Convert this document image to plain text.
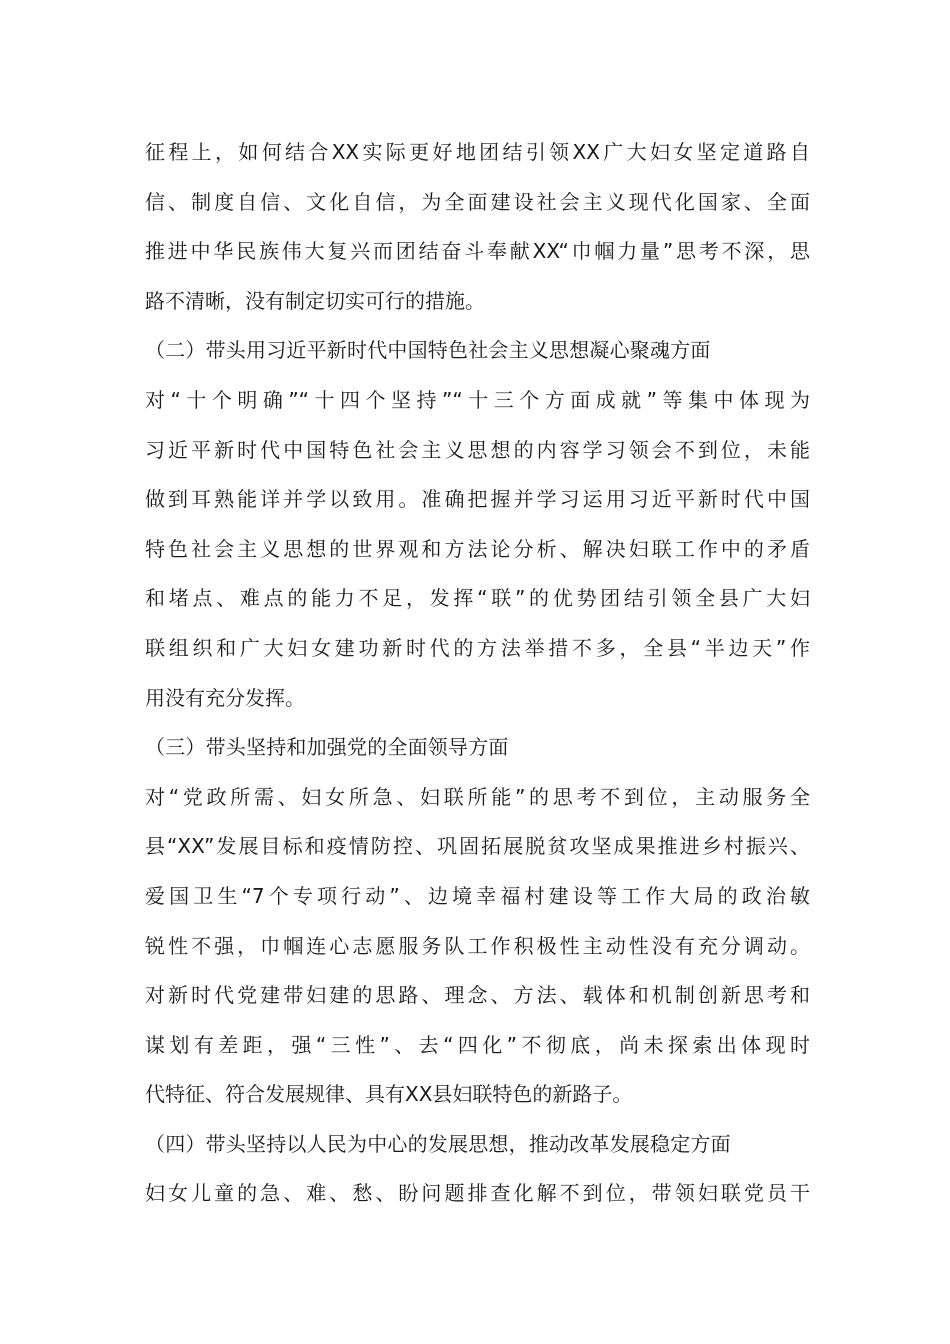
征程上，如何结合XX实际更好地团结引领XX广大妇女坚定道路自
信、制度自信、文化自信，为全面建设社会主义现代化国家、全面
推进中华民族伟大复兴而团结奋斗奉献XX“巾帼力量”思考不深，思
路不清晰，没有制定切实可行的措施。
（二）带头用习近平新时代中国特色社会主义思想凝心聚魂方面
对“十个明确”“十四个坚持”“十三个方面成就”等集中体现为
习近平新时代中国特色社会主义思想的内容学习领会不到位，未能
做到耳熟能详并学以致用。准确把握并学习运用习近平新时代中国
特色社会主义思想的世界观和方法论分析、解决妇联工作中的矛盾
和堵点、难点的能力不足，发挥“联”的优势团结引领全县广大妇
联组织和广大妇女建功新时代的方法举措不多，全县“半边天”作
用没有充分发挥。
（三）带头坚持和加强党的全面领导方面
对“党政所需、妇女所急、妇联所能”的思考不到位，主动服务全
县“XX”发展目标和疫情防控、巩固拓展脱贫攻坚成果推进乡村振兴、
爱国卫生“7个专项行动”、边境幸福村建设等工作大局的政治敏
锐性不强，巾帼连心志愿服务队工作积极性主动性没有充分调动。
对新时代党建带妇建的思路、理念、方法、载体和机制创新思考和
谋划有差距，强“三性”、去“四化”不彻底，尚未探索出体现时
代特征、符合发展规律、具有XX县妇联特色的新路子。
（四）带头坚持以人民为中心的发展思想，推动改革发展稳定方面
妇女儿童的急、难、愁、盼问题排查化解不到位，带领妇联党员干
